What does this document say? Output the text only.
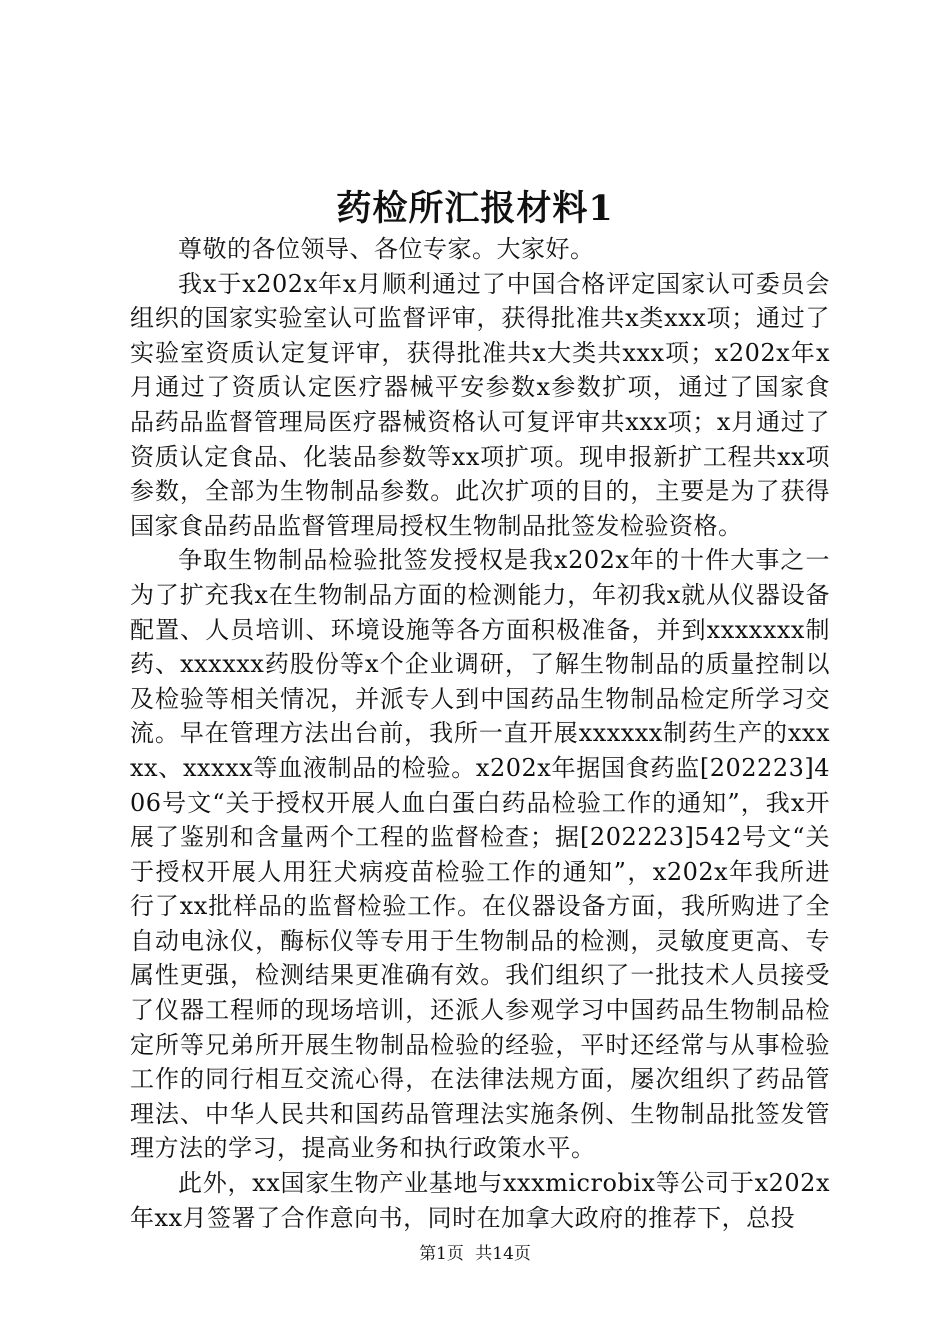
药检所汇报材料1

尊敬的各位领导、各位专家。大家好。

我x于x202x年x月顺利通过了中国合格评定国家认可委员会组织的国家实验室认可监督评审，获得批准共x类xxx项；通过了实验室资质认定复评审，获得批准共x大类共xxx项；x202x年x月通过了资质认定医疗器械平安参数x参数扩项，通过了国家食品药品监督管理局医疗器械资格认可复评审共xxx项；x月通过了资质认定食品、化装品参数等xx项扩项。现申报新扩工程共xx项参数，全部为生物制品参数。此次扩项的目的，主要是为了获得国家食品药品监督管理局授权生物制品批签发检验资格。

争取生物制品检验批签发授权是我x202x年的十件大事之一为了扩充我x在生物制品方面的检测能力，年初我x就从仪器设备配置、人员培训、环境设施等各方面积极准备，并到xxxxxxx制药、xxxxxx药股份等x个企业调研，了解生物制品的质量控制以及检验等相关情况，并派专人到中国药品生物制品检定所学习交流。早在管理方法出台前，我所一直开展xxxxxx制药生产的xxxxx、xxxxx等血液制品的检验。x202x年据国食药监[202223]406号文“关于授权开展人血白蛋白药品检验工作的通知”，我x开展了鉴别和含量两个工程的监督检查；据[202223]542号文“关于授权开展人用狂犬病疫苗检验工作的通知”，x202x年我所进行了xx批样品的监督检验工作。在仪器设备方面，我所购进了全自动电泳仪，酶标仪等专用于生物制品的检测，灵敏度更高、专属性更强，检测结果更准确有效。我们组织了一批技术人员接受了仪器工程师的现场培训，还派人参观学习中国药品生物制品检定所等兄弟所开展生物制品检验的经验，平时还经常与从事检验工作的同行相互交流心得，在法律法规方面，屡次组织了药品管理法、中华人民共和国药品管理法实施条例、生物制品批签发管理方法的学习，提高业务和执行政策水平。

此外，xx国家生物产业基地与xxxmicrobix等公司于x202x年xx月签署了合作意向书，同时在加拿大政府的推荐下，总投

第1页 共14页
